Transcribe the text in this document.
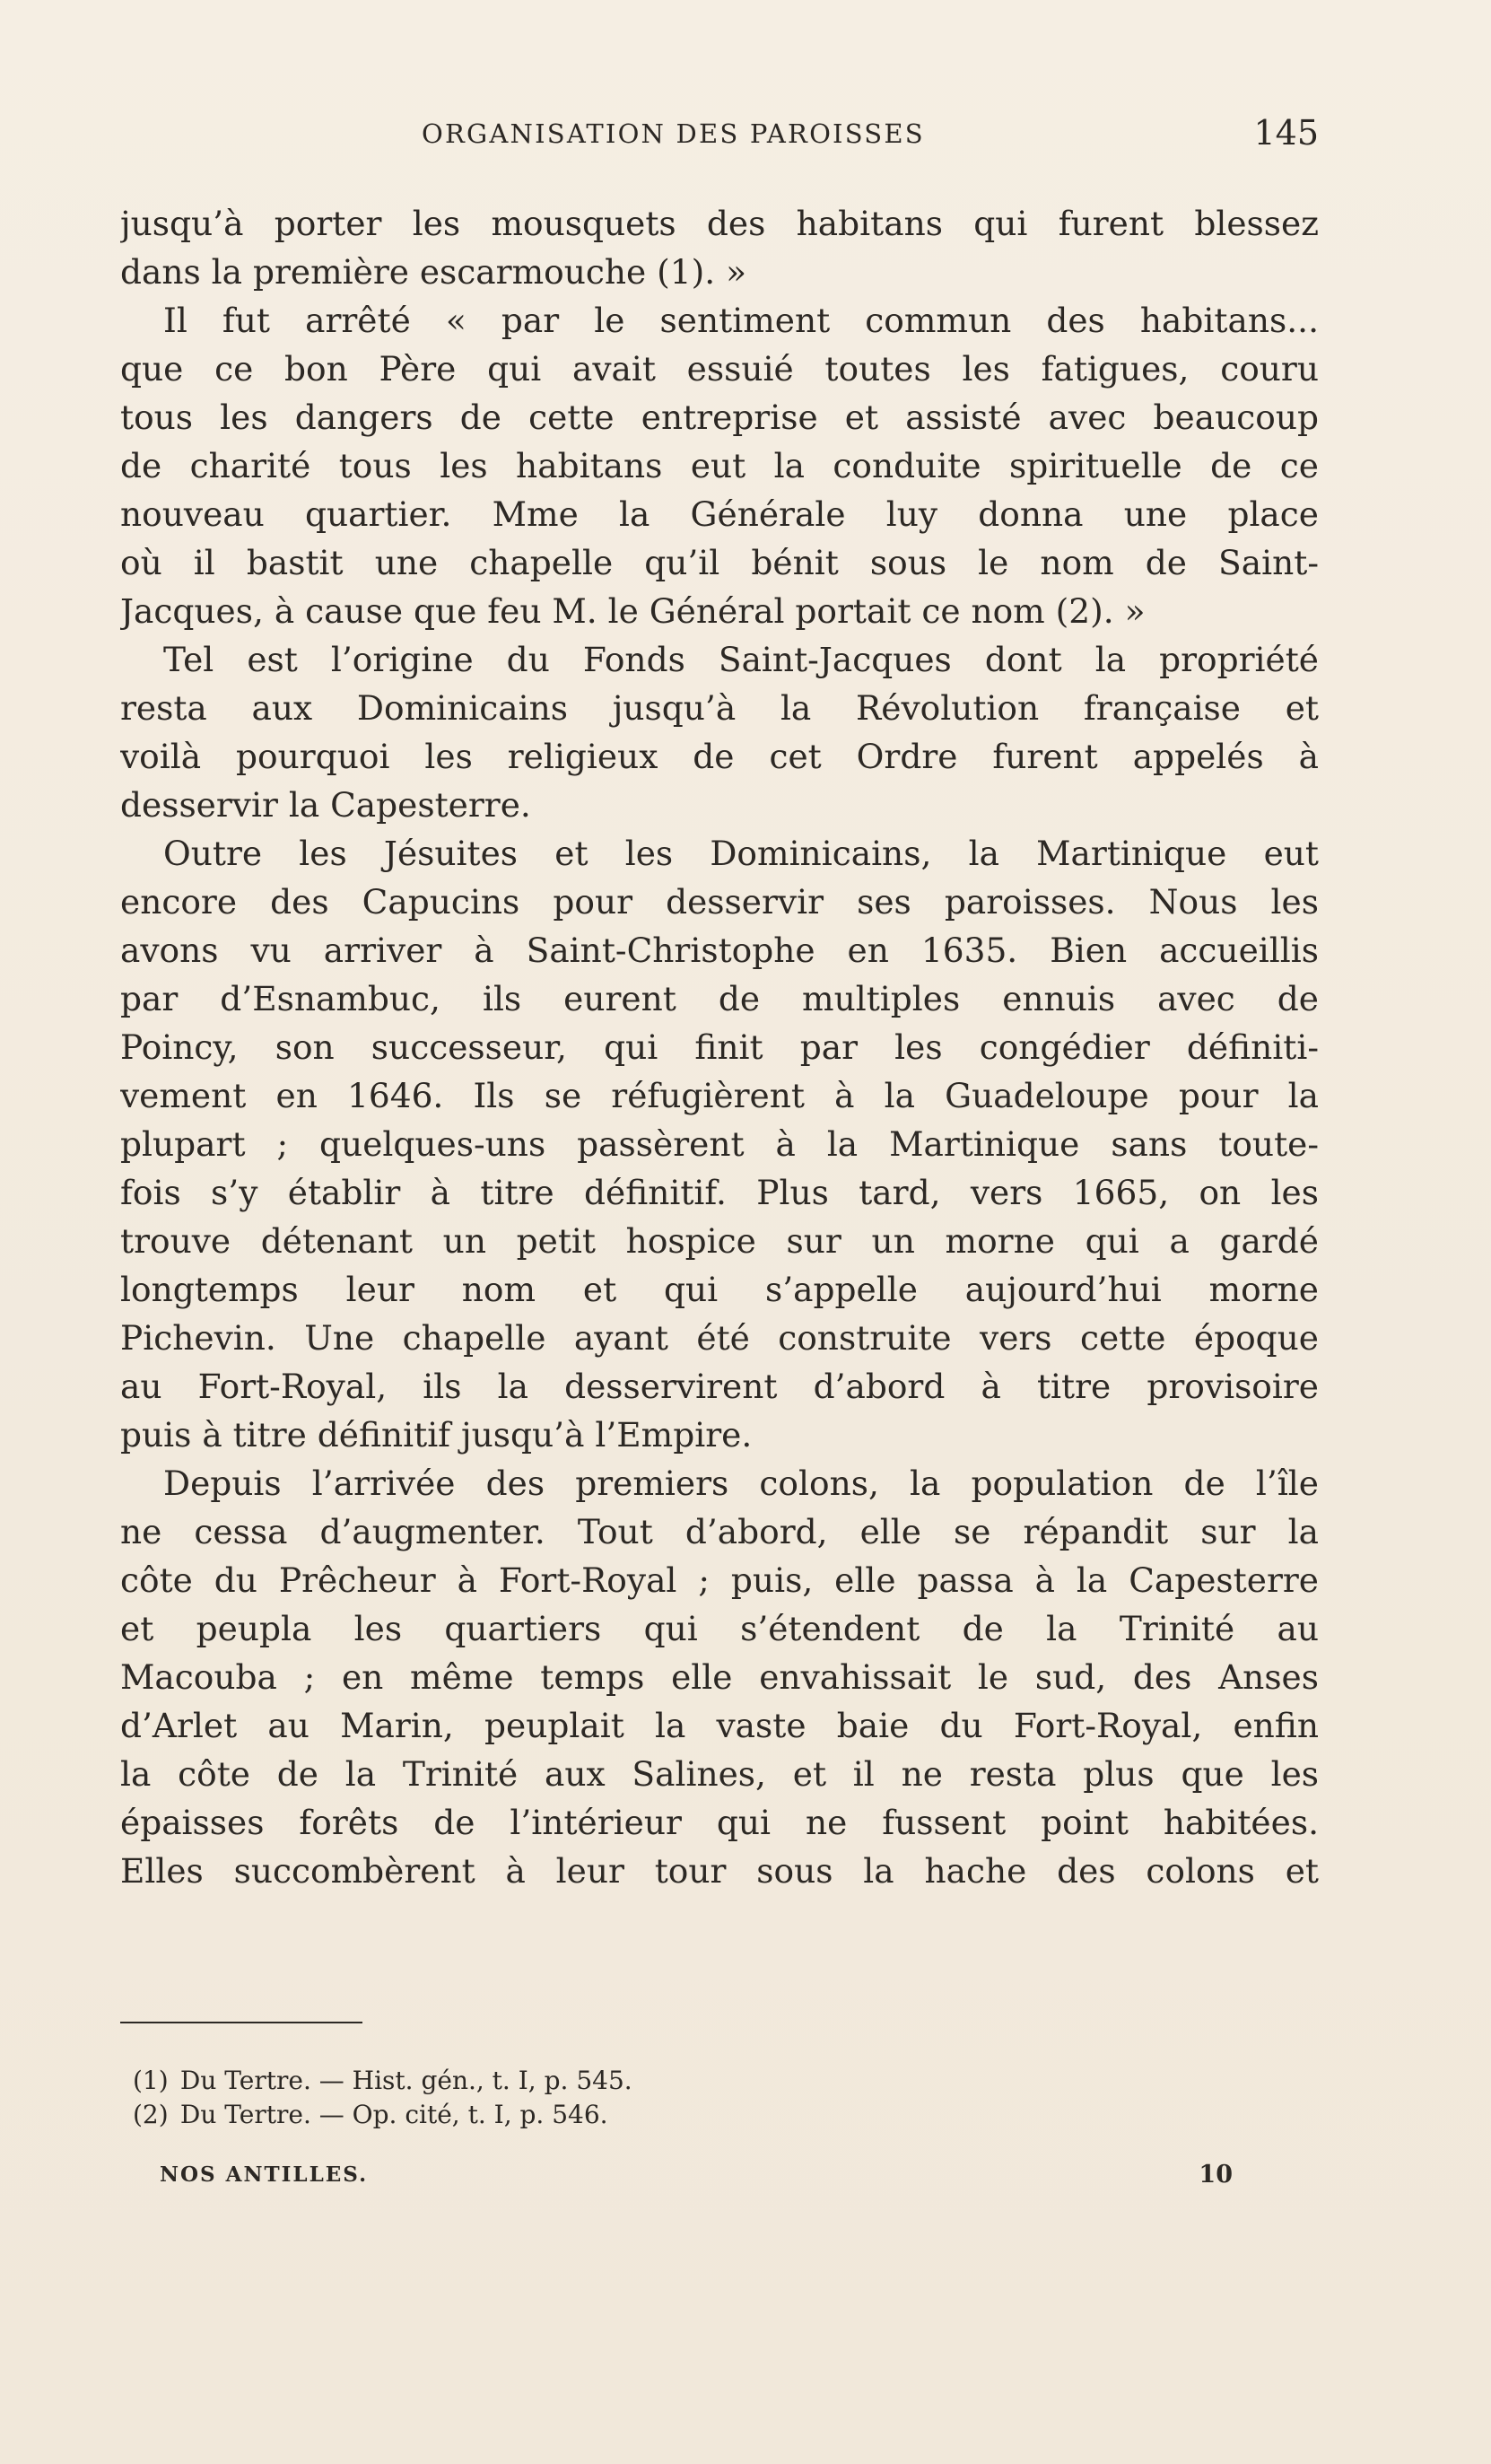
ORGANISATION DES PAROISSES	145
jusqu’à porter les mousquets des habitans qui furent blessez
dans la première escarmouche (1). »
Il fut arrêté « par le sentiment commun des habitans...
que ce bon Père qui avait essuié toutes les fatigues, couru
tous les dangers de cette entreprise et assisté avec beaucoup
de charité tous les habitans eut la conduite spirituelle de ce
nouveau quartier. Mme la Générale luy donna une place
où il bastit une chapelle qu’il bénit sous le nom de Saint-
Jacques, à cause que feu M. le Général portait ce nom (2). »
Tel est l’origine du Fonds Saint-Jacques dont la propriété
resta aux Dominicains jusqu’à la Révolution française et
voilà pourquoi les religieux de cet Ordre furent appelés à
desservir la Capesterre.
Outre les Jésuites et les Dominicains, la Martinique eut
encore des Capucins pour desservir ses paroisses. Nous les
avons vu arriver à Saint-Christophe en 1635. Bien accueillis
par d’Esnambuc, ils eurent de multiples ennuis avec de
Poincy, son successeur, qui finit par les congédier définiti-
vement en 1646. Ils se réfugièrent à la Guadeloupe pour la
plupart ; quelques-uns passèrent à la Martinique sans toute-
fois s’y établir à titre définitif. Plus tard, vers 1665, on les
trouve détenant un petit hospice sur un morne qui a gardé
longtemps leur nom et qui s’appelle aujourd’hui morne
Pichevin. Une chapelle ayant été construite vers cette époque
au Fort-Royal, ils la desservirent d’abord à titre provisoire
puis à titre définitif jusqu’à l’Empire.
Depuis l’arrivée des premiers colons, la population de l’île
ne cessa d’augmenter. Tout d’abord, elle se répandit sur la
côte du Prêcheur à Fort-Royal ; puis, elle passa à la Capesterre
et peupla les quartiers qui s’étendent de la Trinité au
Macouba ; en même temps elle envahissait le sud, des Anses
d’Arlet au Marin, peuplait la vaste baie du Fort-Royal, enfin
la côte de la Trinité aux Salines, et il ne resta plus que les
épaisses forêts de l’intérieur qui ne fussent point habitées.
Elles succombèrent à leur tour sous la hache des colons et
(1) Du Tertre. — Hist. gén., t. I, p. 545.
(2) Du Tertre. — Op. cité, t. I, p. 546.
NOS ANTILLES.	10
